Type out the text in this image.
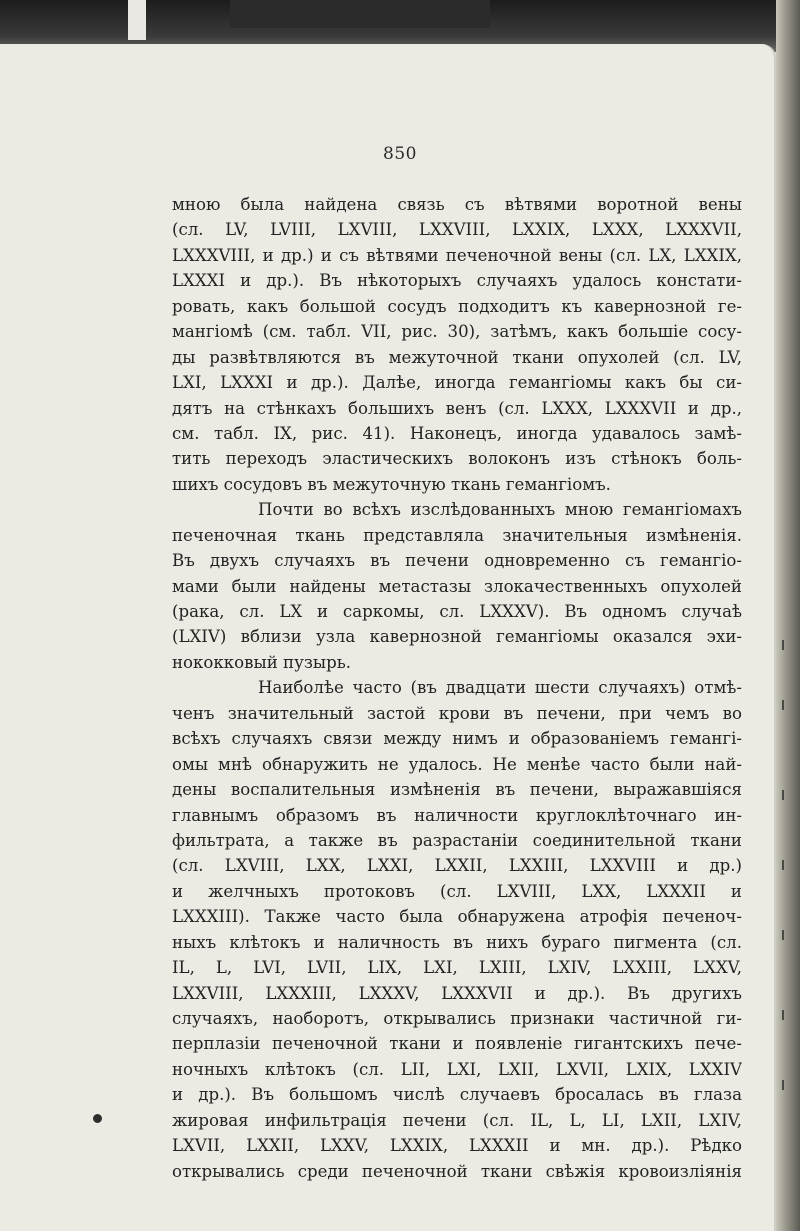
850
мною была найдена связь съ вѣтвями воротной вены
(сл. LV, LVIII, LXVIII, LXXVIII, LXXIX, LXXX, LXXXVII,
LXXXVIII, и др.) и съ вѣтвями печеночной вены (сл. LX, LXXIX,
LXXXI и др.). Въ нѣкоторыхъ случаяхъ удалось констати-
ровать, какъ большой сосудъ подходитъ къ кавернозной ге-
мангіомѣ (см. табл. VII, рис. 30), затѣмъ, какъ большіе сосу-
ды развѣтвляются въ межуточной ткани опухолей (сл. LV,
LXI, LXXXI и др.). Далѣе, иногда гемангіомы какъ бы си-
дятъ на стѣнкахъ большихъ венъ (сл. LXXX, LXXXVII и др.,
см. табл. IX, рис. 41). Наконецъ, иногда удавалось замѣ-
тить переходъ эластическихъ волоконъ изъ стѣнокъ боль-
шихъ сосудовъ въ межуточную ткань гемангіомъ.
Почти во всѣхъ изслѣдованныхъ мною гемангіомахъ
печеночная ткань представляла значительныя измѣненія.
Въ двухъ случаяхъ въ печени одновременно съ гемангіо-
мами были найдены метастазы злокачественныхъ опухолей
(рака, сл. LX и саркомы, сл. LXXXV). Въ одномъ случаѣ
(LXIV) вблизи узла кавернозной гемангіомы оказался эхи-
нококковый пузырь.
Наиболѣе часто (въ двадцати шести случаяхъ) отмѣ-
ченъ значительный застой крови въ печени, при чемъ во
всѣхъ случаяхъ связи между нимъ и образованіемъ гемангі-
омы мнѣ обнаружить не удалось. Не менѣе часто были най-
дены воспалительныя измѣненія въ печени, выражавшіяся
главнымъ образомъ въ наличности круглоклѣточнаго ин-
фильтрата, а также въ разрастаніи соединительной ткани
(сл. LXVIII, LXX, LXXI, LXXII, LXXIII, LXXVIII и др.)
и желчныхъ протоковъ (сл. LXVIII, LXX, LXXXII и
LXXXIII). Также часто была обнаружена атрофія печеноч-
ныхъ клѣтокъ и наличность въ нихъ бураго пигмента (сл.
IL, L, LVI, LVII, LIX, LXI, LXIII, LXIV, LXXIII, LXXV,
LXXVIII, LXXXIII, LXXXV, LXXXVII и др.). Въ другихъ
случаяхъ, наоборотъ, открывались признаки частичной ги-
перплазіи печеночной ткани и появленіе гигантскихъ пече-
ночныхъ клѣтокъ (сл. LII, LXI, LXII, LXVII, LXIX, LXXIV
и др.). Въ большомъ числѣ случаевъ бросалась въ глаза
жировая инфильтрація печени (сл. IL, L, LI, LXII, LXIV,
LXVII, LXXII, LXXV, LXXIX, LXXXII и мн. др.). Рѣдко
открывались среди печеночной ткани свѣжія кровоизліянія
